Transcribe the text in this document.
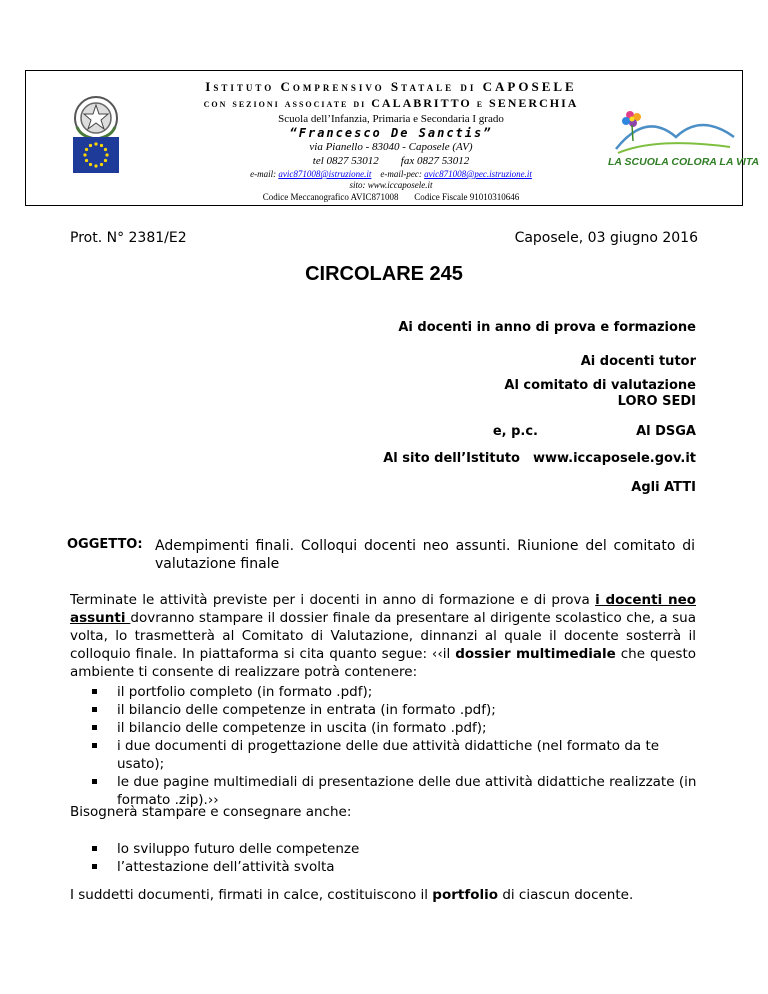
Istituto Comprensivo Statale di CAPOSELE
con sezioni associate di CALABRITTO e SENERCHIA
Scuola dell’Infanzia, Primaria e Secondaria I grado
“Francesco De Sanctis”
via Pianello - 83040 - Caposele (AV)
tel 0827 53012 fax 0827 53012
e-mail: avic871008@istruzione.it e-mail-pec: avic871008@pec.istruzione.it
sito: www.iccaposele.it
Codice Meccanografico AVIC871008 Codice Fiscale 91010310646
LA SCUOLA COLORA LA VITA
Prot. N° 2381/E2	Caposele, 03 giugno 2016
CIRCOLARE 245
Ai docenti in anno di prova e formazione
Ai docenti tutor
Al comitato di valutazione
LORO SEDI
e, p.c.	Al DSGA
Al sito dell’Istituto www.iccaposele.gov.it
Agli ATTI
OGGETTO: Adempimenti finali. Colloqui docenti neo assunti. Riunione del comitato di valutazione finale
Terminate le attività previste per i docenti in anno di formazione e di prova i docenti neo assunti dovranno stampare il dossier finale da presentare al dirigente scolastico che, a sua volta, lo trasmetterà al Comitato di Valutazione, dinnanzi al quale il docente sosterrà il colloquio finale. In piattaforma si cita quanto segue: ‹‹il dossier multimediale che questo ambiente ti consente di realizzare potrà contenere:
il portfolio completo (in formato .pdf);
il bilancio delle competenze in entrata (in formato .pdf);
il bilancio delle competenze in uscita (in formato .pdf);
i due documenti di progettazione delle due attività didattiche (nel formato da te usato);
le due pagine multimediali di presentazione delle due attività didattiche realizzate (in formato .zip).››
Bisognerà stampare e consegnare anche:
lo sviluppo futuro delle competenze
l’attestazione dell’attività svolta
I suddetti documenti, firmati in calce, costituiscono il portfolio di ciascun docente.
